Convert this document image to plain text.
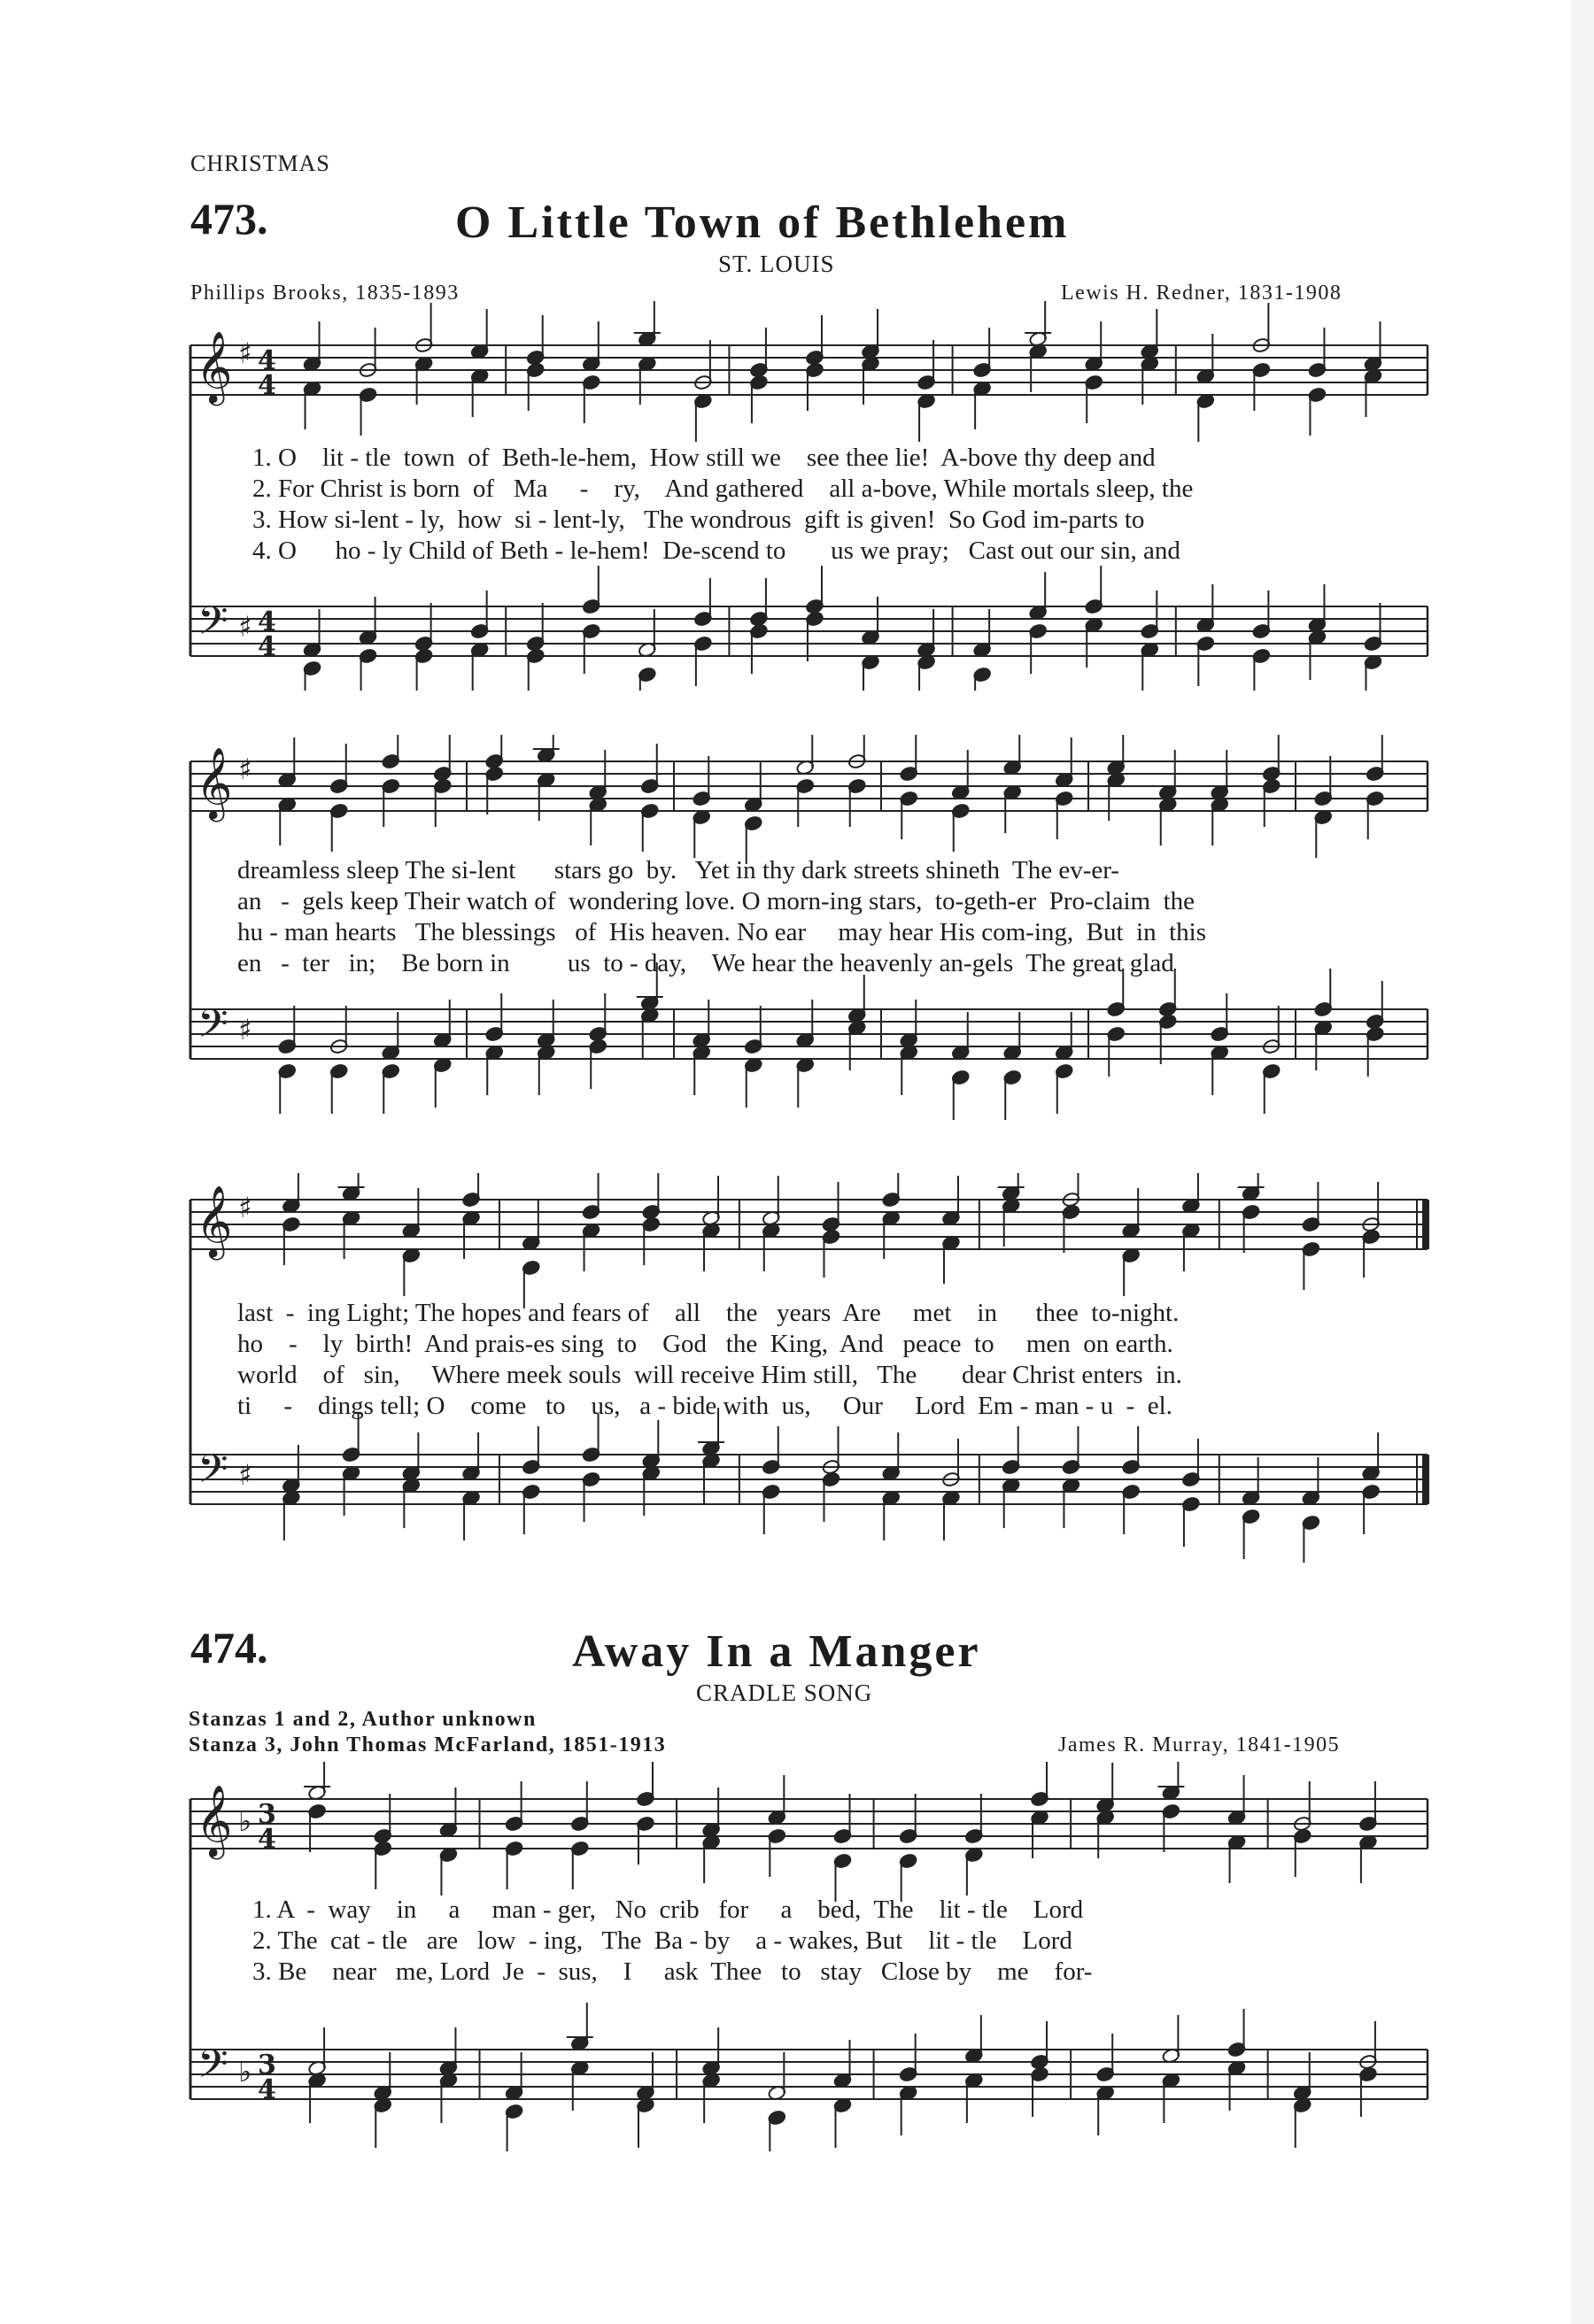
CHRISTMAS
473.	O Little Town of Bethlehem
ST. LOUIS
Phillips Brooks, 1835-1893	Lewis H. Redner, 1831-1908
𝄞
𝄢
♯
♯
4
4
4
4
1. O    lit - tle  town  of  Beth-le-hem,  How still we    see thee lie!  A-bove thy deep and
2. For Christ is born  of   Ma     -    ry,    And gathered    all a-bove, While mortals sleep, the
3. How si-lent - ly,  how  si - lent-ly,   The wondrous  gift is given!  So God im-parts to
4. O      ho - ly Child of Beth - le-hem!  De-scend to       us we pray;   Cast out our sin, and
𝄞
𝄢
♯
♯
dreamless sleep The si-lent      stars go  by.   Yet in thy dark streets shineth  The ev-er-
an   -  gels keep Their watch of  wondering love. O morn-ing stars,  to-geth-er  Pro-claim  the
hu - man hearts   The blessings   of  His heaven. No ear     may hear His com-ing,  But  in  this
en   -  ter   in;    Be born in         us  to - day,    We hear the heavenly an-gels  The great glad
𝄞
𝄢
♯
♯
last  -  ing Light; The hopes and fears of    all    the   years  Are     met    in      thee  to-night.
ho    -    ly  birth!  And prais-es sing  to    God   the  King,  And   peace  to     men  on earth.
world    of   sin,     Where meek souls  will receive Him still,   The       dear Christ enters  in.
ti     -    dings tell; O    come   to    us,   a - bide with  us,     Our     Lord  Em - man - u  -  el.
474.	Away In a Manger
CRADLE SONG
Stanzas 1 and 2, Author unknown
Stanza 3, John Thomas McFarland, 1851-1913	James R. Murray, 1841-1905
𝄞
𝄢
♭
♭
3
4
3
4
1. A  -  way    in     a     man - ger,   No  crib   for     a    bed,  The    lit - tle    Lord
2. The  cat - tle   are   low  - ing,   The  Ba - by    a - wakes, But    lit - tle    Lord
3. Be    near   me, Lord  Je  -  sus,    I     ask  Thee   to   stay   Close by    me    for-
